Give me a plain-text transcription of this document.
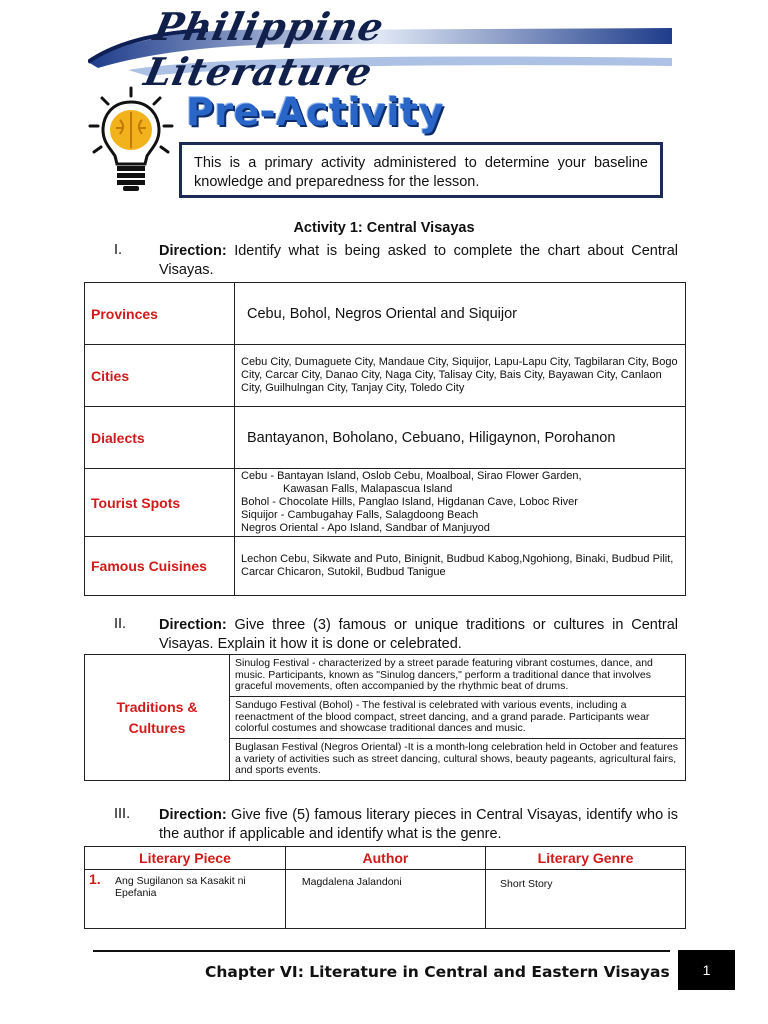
Philippine Literature
Pre-Activity
This is a primary activity administered to determine your baseline knowledge and preparedness for the lesson.
Activity 1: Central Visayas
I.	Direction: Identify what is being asked to complete the chart about Central Visayas.
Provinces	Cebu, Bohol, Negros Oriental and Siquijor
Cities	Cebu City, Dumaguete City, Mandaue City, Siquijor, Lapu-Lapu City, Tagbilaran City, Bogo City, Carcar City, Danao City, Naga City, Talisay City, Bais City, Bayawan City, Canlaon City, Guilhulngan City, Tanjay City, Toledo City
Dialects	Bantayanon, Boholano, Cebuano, Hiligaynon, Porohanon
Tourist Spots	Cebu - Bantayan Island, Oslob Cebu, Moalboal, Sirao Flower Garden,
Kawasan Falls, Malapascua Island
Bohol - Chocolate Hills, Panglao Island, Higdanan Cave, Loboc River
Siquijor - Cambugahay Falls, Salagdoong Beach
Negros Oriental - Apo Island, Sandbar of Manjuyod

Famous Cuisines	Lechon Cebu, Sikwate and Puto, Binignit, Budbud Kabog,Ngohiong, Binaki, Budbud Pilit, Carcar Chicaron, Sutokil, Budbud Tanigue
II. Direction: Give three (3) famous or unique traditions or cultures in Central Visayas. Explain it how it is done or celebrated.
Traditions &
Cultures
	Sinulog Festival - characterized by a street parade featuring vibrant costumes, dance, and music. Participants, known as "Sinulog dancers," perform a traditional dance that involves graceful movements, often accompanied by the rhythmic beat of drums.
Sandugo Festival (Bohol) - The festival is celebrated with various events, including a reenactment of the blood compact, street dancing, and a grand parade. Participants wear colorful costumes and showcase traditional dances and music.
Buglasan Festival (Negros Oriental) -It is a month-long celebration held in October and features a variety of activities such as street dancing, cultural shows, beauty pageants, agricultural fairs, and sports events.
III. Direction: Give five (5) famous literary pieces in Central Visayas, identify who is the author if applicable and identify what is the genre.
Literary Piece	Author	Literary Genre

1. Ang Sugilanon sa Kasakit ni Epefania	Magdalena Jalandoni	Short Story
Chapter VI: Literature in Central and Eastern Visayas	1
